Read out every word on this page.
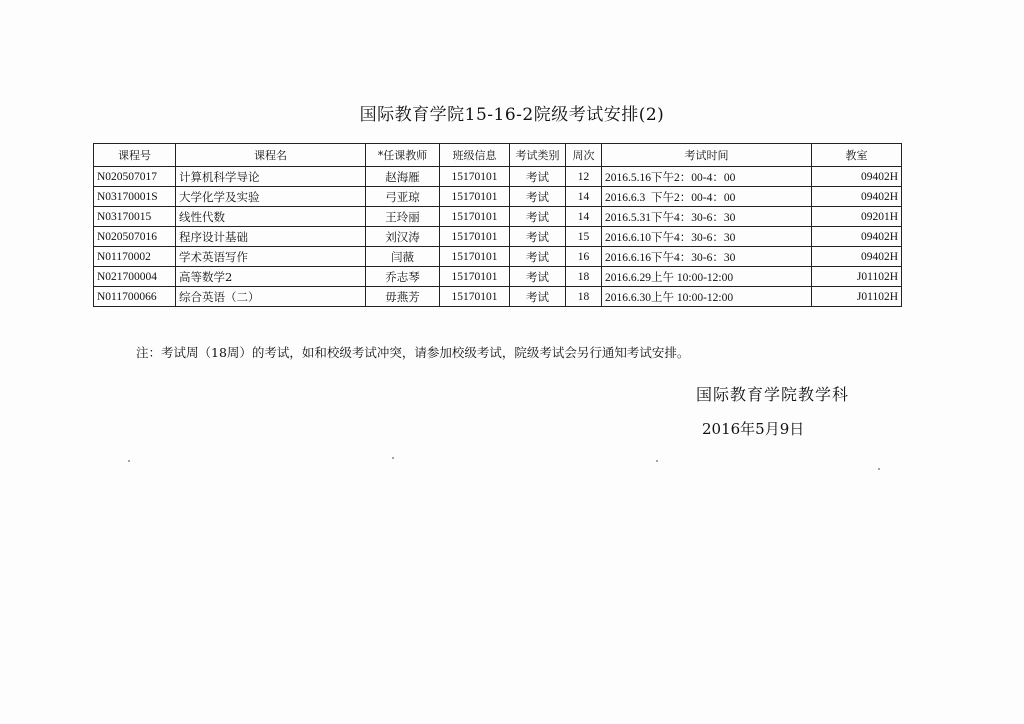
国际教育学院15-16-2院级考试安排(2)
课程号	课程名	*任课教师	班级信息	考试类别	周次	考试时间	教室
N020507017	计算机科学导论	赵海雁	15170101	考试	12	2016.5.16下午2：00-4：00	09402H
N03170001S	大学化学及实验	弓亚琼	15170101	考试	14	2016.6.3  下午2：00-4：00	09402H
N03170015	线性代数	王玲丽	15170101	考试	14	2016.5.31下午4：30-6：30	09201H
N020507016	程序设计基础	刘汉涛	15170101	考试	15	2016.6.10下午4：30-6：30	09402H
N01170002	学术英语写作	闫薇	15170101	考试	16	2016.6.16下午4：30-6：30	09402H
N021700004	高等数学2	乔志琴	15170101	考试	18	2016.6.29上午 10:00-12:00	J01102H
N011700066	综合英语（二）	毋燕芳	15170101	考试	18	2016.6.30上午 10:00-12:00	J01102H
注：考试周（18周）的考试，如和校级考试冲突，请参加校级考试，院级考试会另行通知考试安排。
国际教育学院教学科
2016年5月9日
